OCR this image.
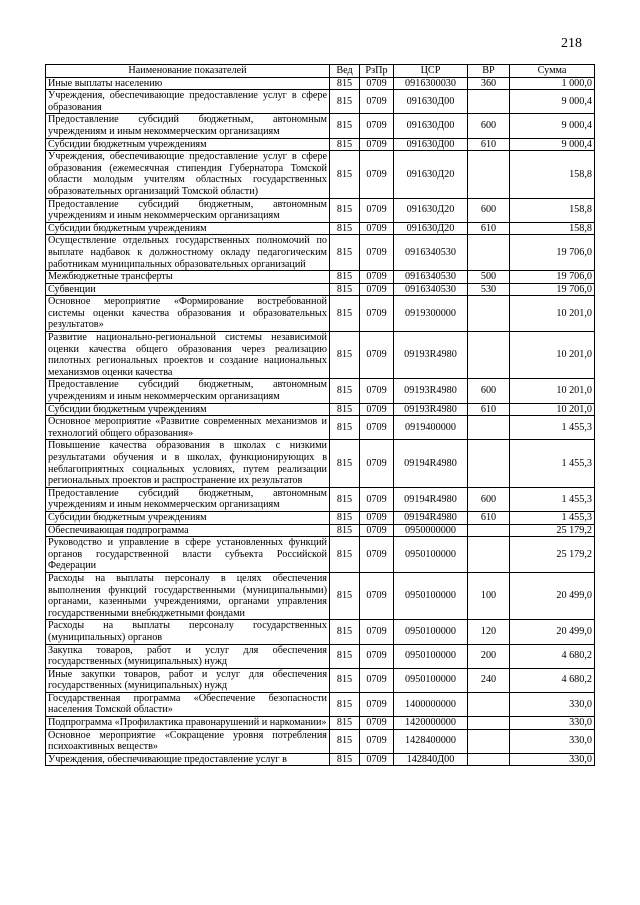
218
Наименование показателей	Вед	РзПр	ЦСР	ВР	Сумма
Иные выплаты населению	815	0709	0916300030	360	1 000,0
Учреждения, обеспечивающие предоставление услуг в сфере образования	815	0709	091630Д00		9 000,4
Предоставление субсидий бюджетным, автономным учреждениям и иным некоммерческим организациям	815	0709	091630Д00	600	9 000,4
Субсидии бюджетным учреждениям	815	0709	091630Д00	610	9 000,4
Учреждения, обеспечивающие предоставление услуг в сфере образования (ежемесячная стипендия Губернатора Томской области молодым учителям областных государственных образовательных организаций Томской области)	815	0709	091630Д20		158,8
Предоставление субсидий бюджетным, автономным учреждениям и иным некоммерческим организациям	815	0709	091630Д20	600	158,8
Субсидии бюджетным учреждениям	815	0709	091630Д20	610	158,8
Осуществление отдельных государственных полномочий по выплате надбавок к должностному окладу педагогическим работникам муниципальных образовательных организаций	815	0709	0916340530		19 706,0
Межбюджетные трансферты	815	0709	0916340530	500	19 706,0
Субвенции	815	0709	0916340530	530	19 706,0
Основное мероприятие «Формирование востребованной системы оценки качества образования и образовательных результатов»	815	0709	0919300000		10 201,0
Развитие национально-региональной системы независимой оценки качества общего образования через реализацию пилотных региональных проектов и создание национальных механизмов оценки качества	815	0709	09193R4980		10 201,0
Предоставление субсидий бюджетным, автономным учреждениям и иным некоммерческим организациям	815	0709	09193R4980	600	10 201,0
Субсидии бюджетным учреждениям	815	0709	09193R4980	610	10 201,0
Основное мероприятие «Развитие современных механизмов и технологий общего образования»	815	0709	0919400000		1 455,3
Повышение качества образования в школах с низкими результатами обучения и в школах, функционирующих в неблагоприятных социальных условиях, путем реализации региональных проектов и распространение их результатов	815	0709	09194R4980		1 455,3
Предоставление субсидий бюджетным, автономным учреждениям и иным некоммерческим организациям	815	0709	09194R4980	600	1 455,3
Субсидии бюджетным учреждениям	815	0709	09194R4980	610	1 455,3
Обеспечивающая подпрограмма	815	0709	0950000000		25 179,2
Руководство и управление в сфере установленных функций органов государственной власти субъекта Российской Федерации	815	0709	0950100000		25 179,2
Расходы на выплаты персоналу в целях обеспечения выполнения функций государственными (муниципальными) органами, казенными учреждениями, органами управления государственными внебюджетными фондами	815	0709	0950100000	100	20 499,0
Расходы на выплаты персоналу государственных (муниципальных) органов	815	0709	0950100000	120	20 499,0
Закупка товаров, работ и услуг для обеспечения государственных (муниципальных) нужд	815	0709	0950100000	200	4 680,2
Иные закупки товаров, работ и услуг для обеспечения государственных (муниципальных) нужд	815	0709	0950100000	240	4 680,2
Государственная программа «Обеспечение безопасности населения Томской области»	815	0709	1400000000		330,0
Подпрограмма «Профилактика правонарушений и наркомании»	815	0709	1420000000		330,0
Основное мероприятие «Сокращение уровня потребления психоактивных веществ»	815	0709	1428400000		330,0
Учреждения, обеспечивающие предоставление услуг в	815	0709	142840Д00		330,0
